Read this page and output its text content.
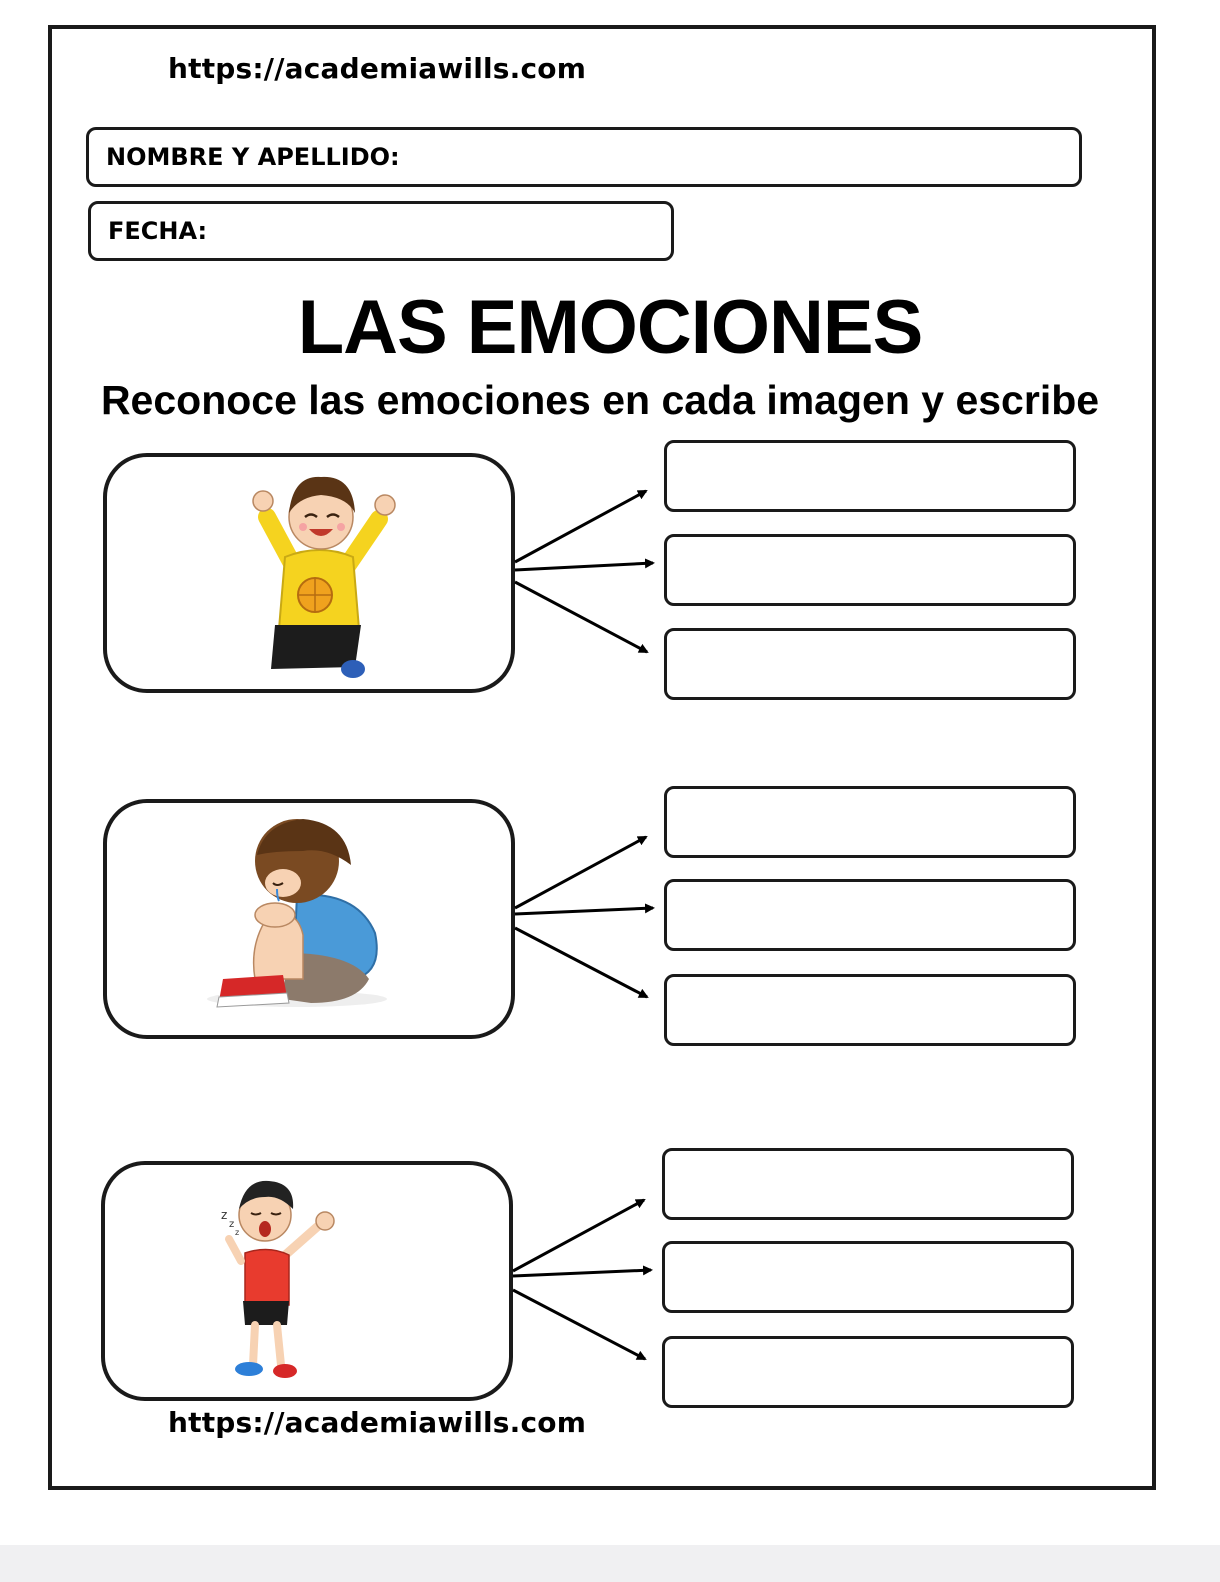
https://academiawills.com
NOMBRE Y APELLIDO:
FECHA:
LAS EMOCIONES
Reconoce las emociones en cada imagen y escribe
z
z
z
https://academiawills.com
